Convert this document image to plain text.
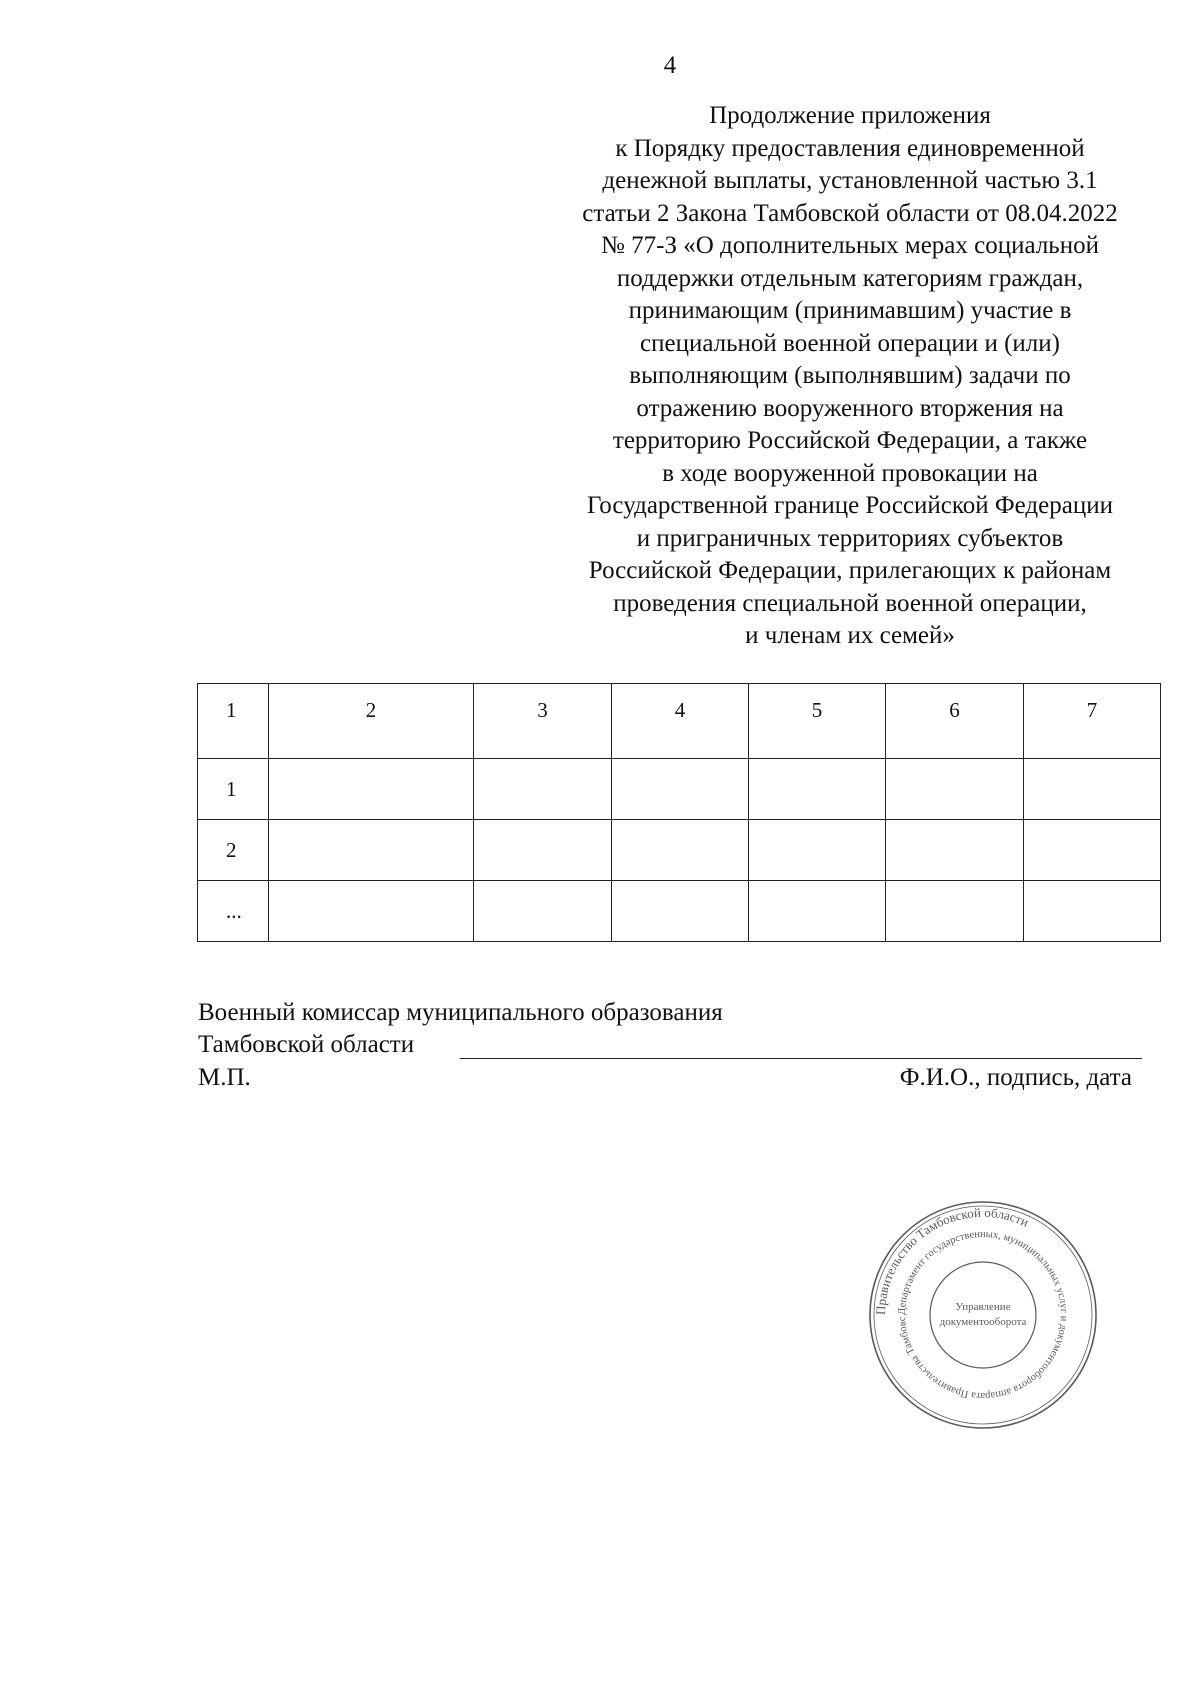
4
Продолжение приложения
к Порядку предоставления единовременной
денежной выплаты, установленной частью 3.1
статьи 2 Закона Тамбовской области от 08.04.2022
№ 77-З «О дополнительных мерах социальной
поддержки отдельным категориям граждан,
принимающим (принимавшим) участие в
специальной военной операции и (или)
выполняющим (выполнявшим) задачи по
отражению вооруженного вторжения на
территорию Российской Федерации, а также
в ходе вооруженной провокации на
Государственной границе Российской Федерации
и приграничных территориях субъектов
Российской Федерации, прилегающих к районам
проведения специальной военной операции,
и членам их семей»
1	2	3	4	5	6	7
1						
2						
...						
Военный комиссар муниципального образования
Тамбовской области
М.П.	Ф.И.О., подпись, дата
Правительство Тамбовской области
Департамент государственных, муниципальных услуг и документооборота аппарата Правительства Тамбовс
Управление
документооборота
